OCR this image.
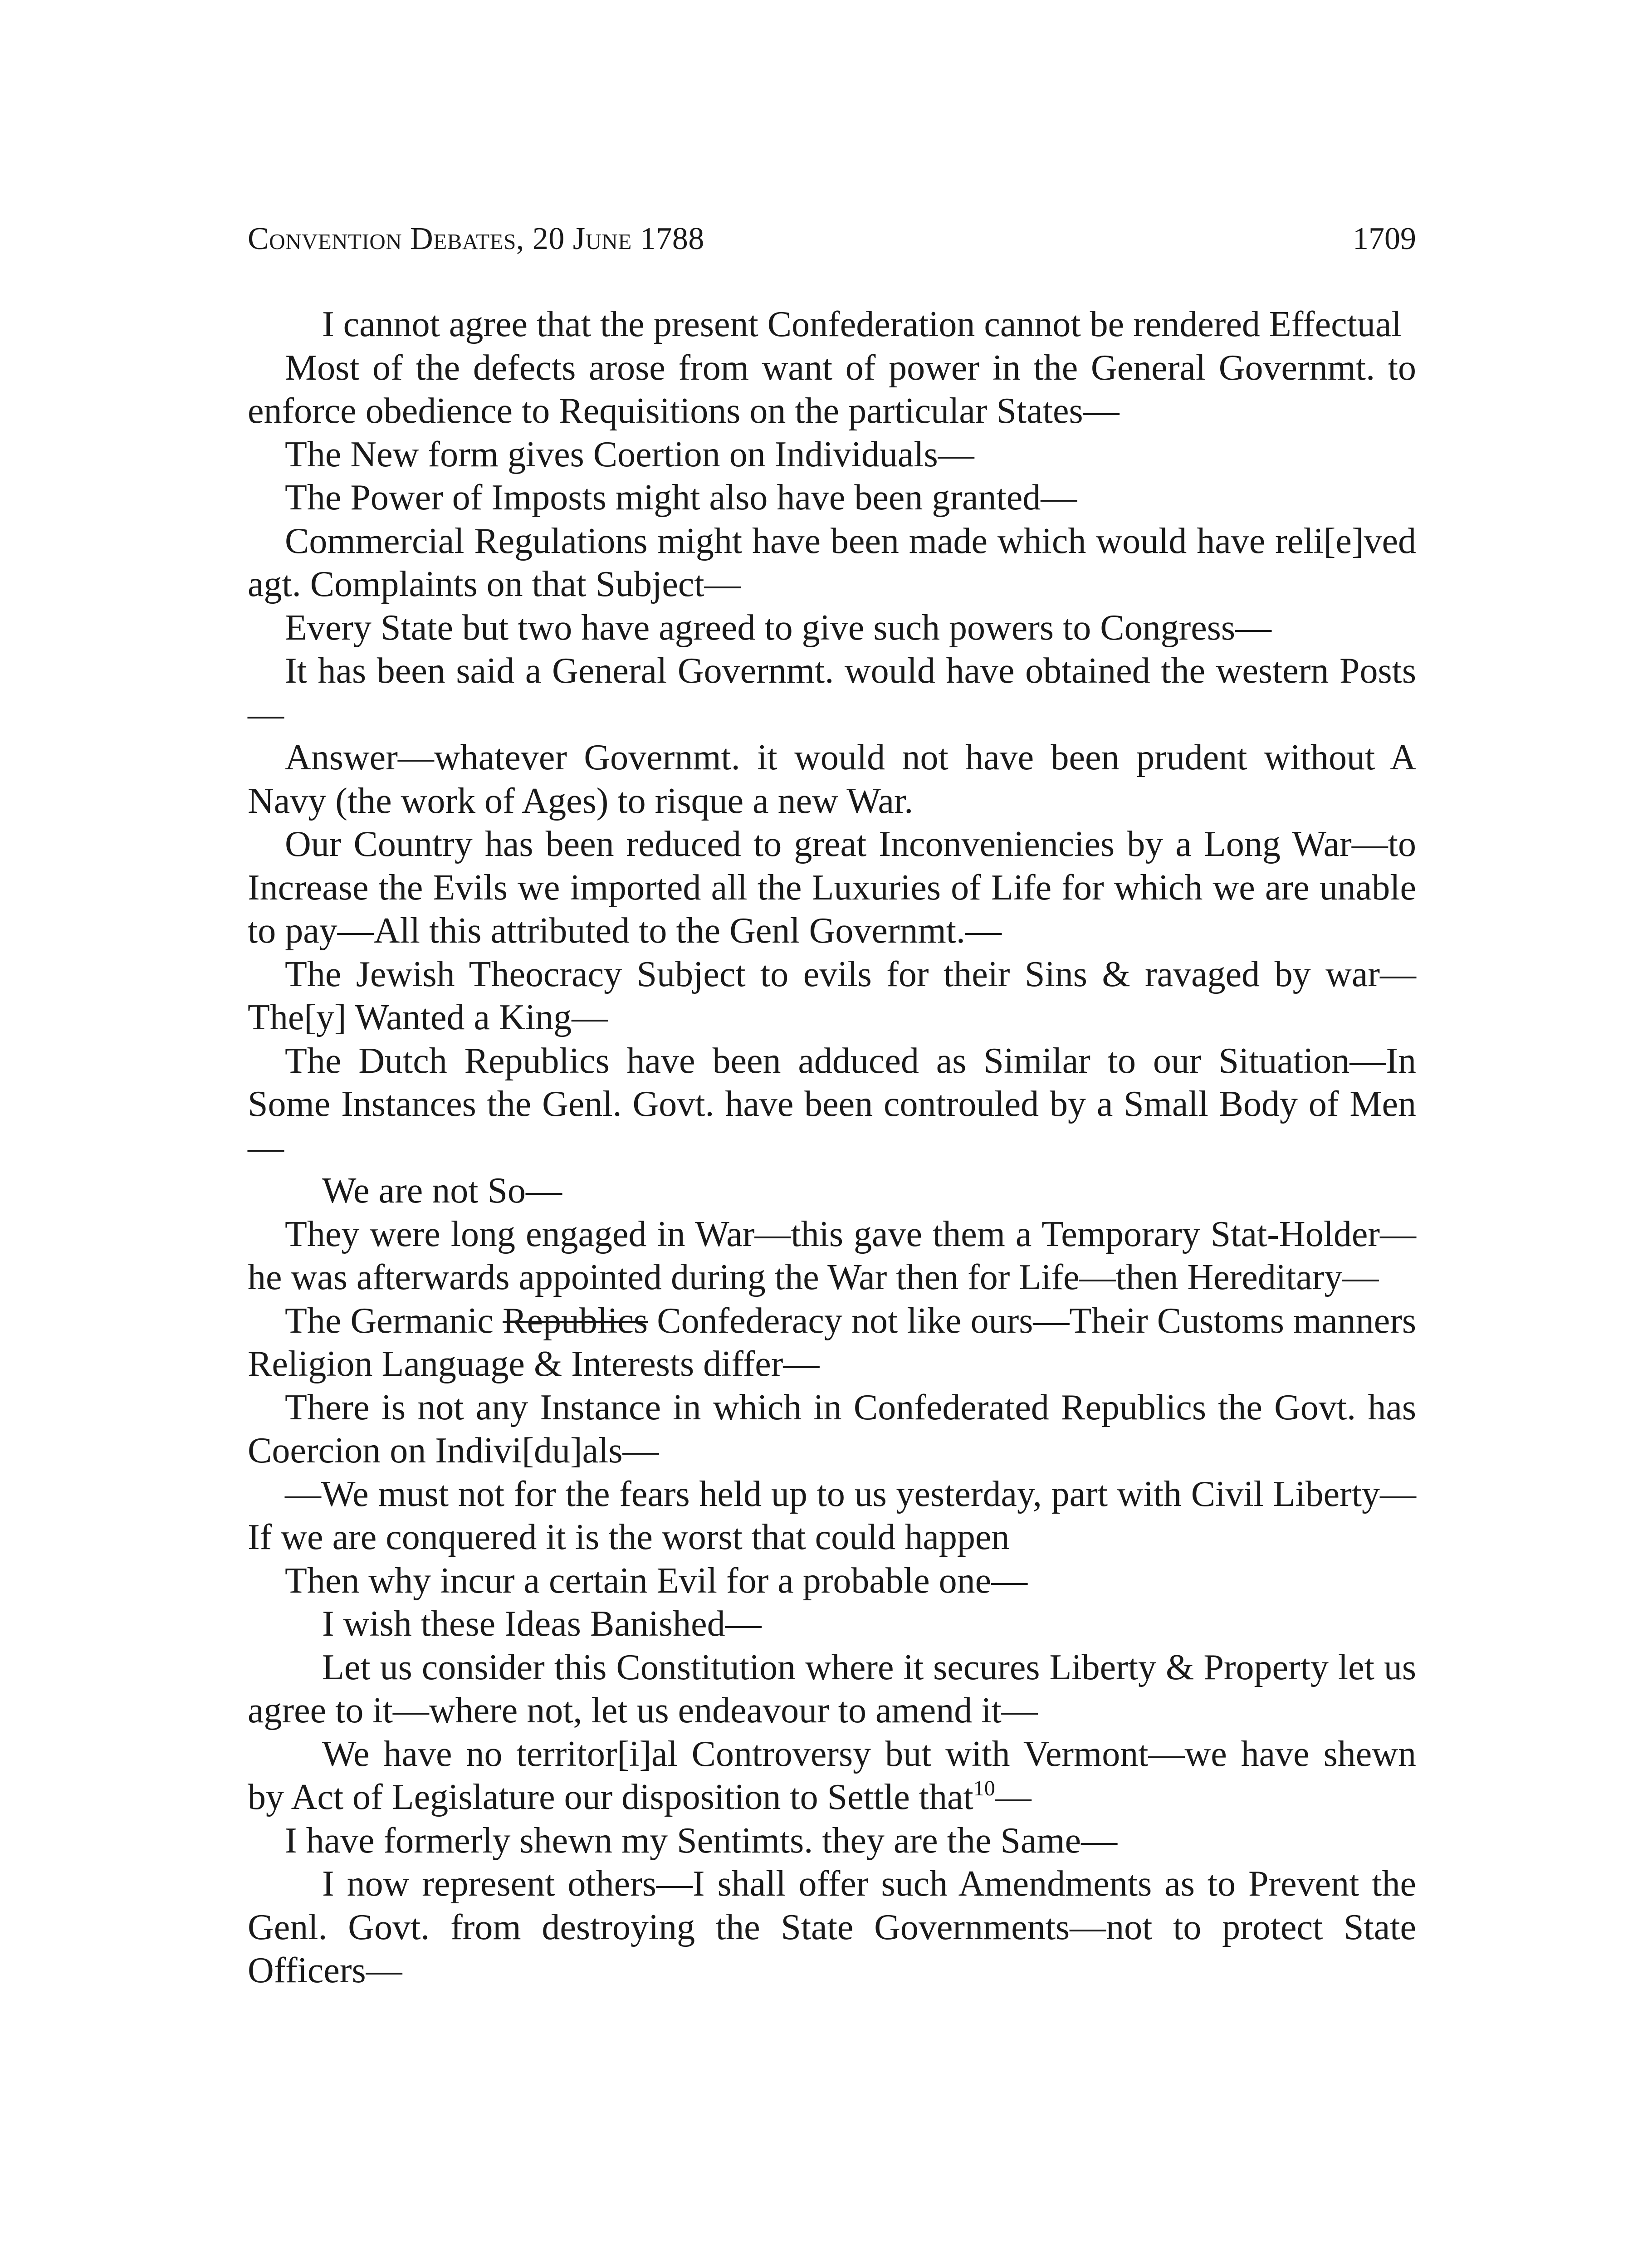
Convention Debates, 20 June 1788	1709

I cannot agree that the present Confederation cannot be rendered Effectual

Most of the defects arose from want of power in the General Governmt. to enforce obedience to Requisitions on the particular States—

The New form gives Coertion on Individuals—

The Power of Imposts might also have been granted—

Commercial Regulations might have been made which would have reli[e]ved agt. Complaints on that Subject—

Every State but two have agreed to give such powers to Congress—

It has been said a General Governmt. would have obtained the western Posts—

Answer—whatever Governmt. it would not have been prudent without A Navy (the work of Ages) to risque a new War.

Our Country has been reduced to great Inconveniencies by a Long War—to Increase the Evils we imported all the Luxuries of Life for which we are unable to pay—All this attributed to the Genl Governmt.—

The Jewish Theocracy Subject to evils for their Sins & ravaged by war—The[y] Wanted a King—

The Dutch Republics have been adduced as Similar to our Situation—In Some Instances the Genl. Govt. have been controuled by a Small Body of Men—

We are not So—

They were long engaged in War—this gave them a Temporary Stat-Holder—he was afterwards appointed during the War then for Life—then Hereditary—

The Germanic Republics Confederacy not like ours—Their Customs manners Religion Language & Interests differ—

There is not any Instance in which in Confederated Republics the Govt. has Coercion on Indivi[du]als—

—We must not for the fears held up to us yesterday, part with Civil Liberty—If we are conquered it is the worst that could happen

Then why incur a certain Evil for a probable one—

I wish these Ideas Banished—

Let us consider this Constitution where it secures Liberty & Property let us agree to it—where not, let us endeavour to amend it—

We have no territor[i]al Controversy but with Vermont—we have shewn by Act of Legislature our disposition to Settle that$^{10}$—

I have formerly shewn my Sentimts. they are the Same—

I now represent others—I shall offer such Amendments as to Prevent the Genl. Govt. from destroying the State Governments—not to protect State Officers—
